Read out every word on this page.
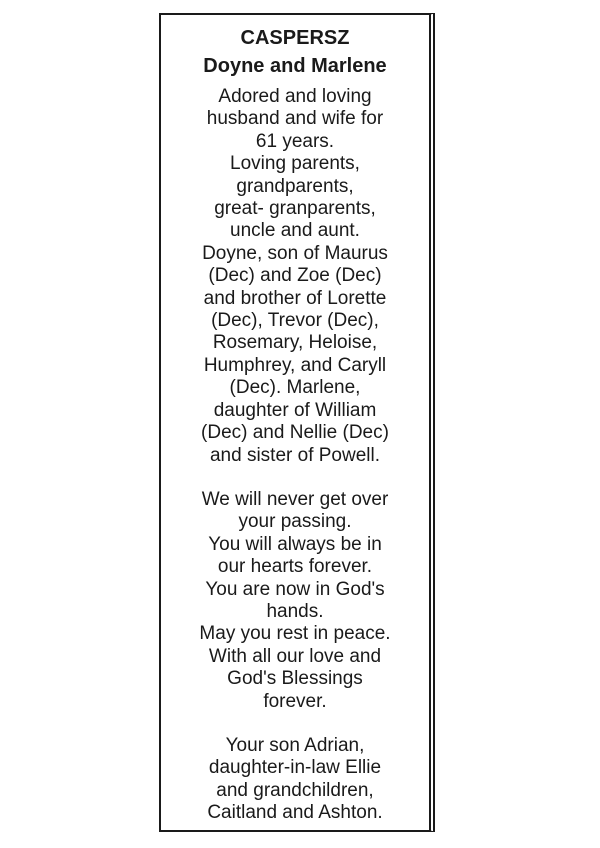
CASPERSZ
Doyne and Marlene

Adored and loving
husband and wife for
61 years.
Loving parents,
grandparents,
great- granparents,
uncle and aunt.
Doyne, son of Maurus
(Dec) and Zoe (Dec)
and brother of Lorette
(Dec), Trevor (Dec),
Rosemary, Heloise,
Humphrey, and Caryll
(Dec). Marlene,
daughter of William
(Dec) and Nellie (Dec)
and sister of Powell.

We will never get over
your passing.
You will always be in
our hearts forever.
You are now in God's
hands.
May you rest in peace.
With all our love and
God's Blessings
forever.

Your son Adrian,
daughter-in-law Ellie
and grandchildren,
Caitland and Ashton.
